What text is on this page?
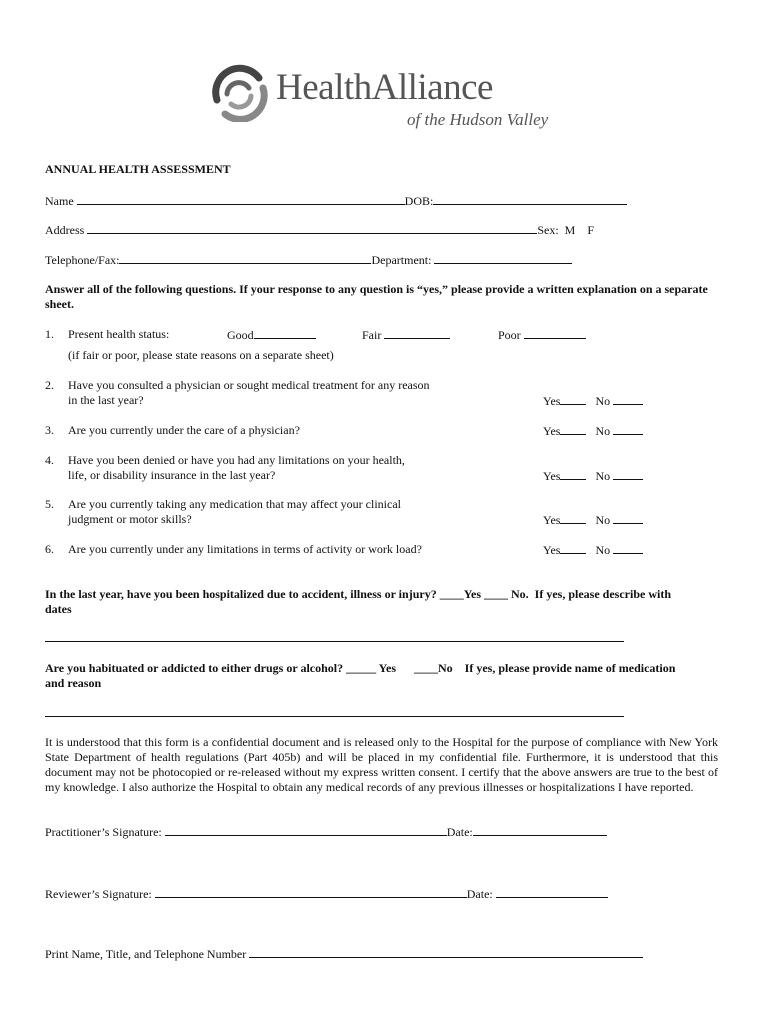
HealthAlliance
of the Hudson Valley
ANNUAL HEALTH ASSESSMENT
Name	DOB:
Address	Sex:  M    F
Telephone/Fax:	Department:
Answer all of the following questions. If your response to any question is “yes,” please provide a written explanation on a separate sheet.
1. Present health status:	Good	Fair	Poor
(if fair or poor, please state reasons on a separate sheet)
2. Have you consulted a physician or sought medical treatment for any reason
in the last year?	Yes	No
3. Are you currently under the care of a physician?	Yes	No
4. Have you been denied or have you had any limitations on your health,
life, or disability insurance in the last year?	Yes	No
5. Are you currently taking any medication that may affect your clinical
judgment or motor skills?	Yes	No
6. Are you currently under any limitations in terms of activity or work load?	Yes	No
In the last year, have you been hospitalized due to accident, illness or injury? ____Yes ____ No.  If yes, please describe with
dates
Are you habituated or addicted to either drugs or alcohol? _____ Yes      ____No    If yes, please provide name of medication
and reason
It is understood that this form is a confidential document and is released only to the Hospital for the purpose of compliance with New York State Department of health regulations (Part 405b) and will be placed in my confidential file. Furthermore, it is understood that this document may not be photocopied or re-released without my express written consent. I certify that the above answers are true to the best of my knowledge. I also authorize the Hospital to obtain any medical records of any previous illnesses or hospitalizations I have reported.
Practitioner’s Signature:	Date:
Reviewer’s Signature:	Date:
Print Name, Title, and Telephone Number
